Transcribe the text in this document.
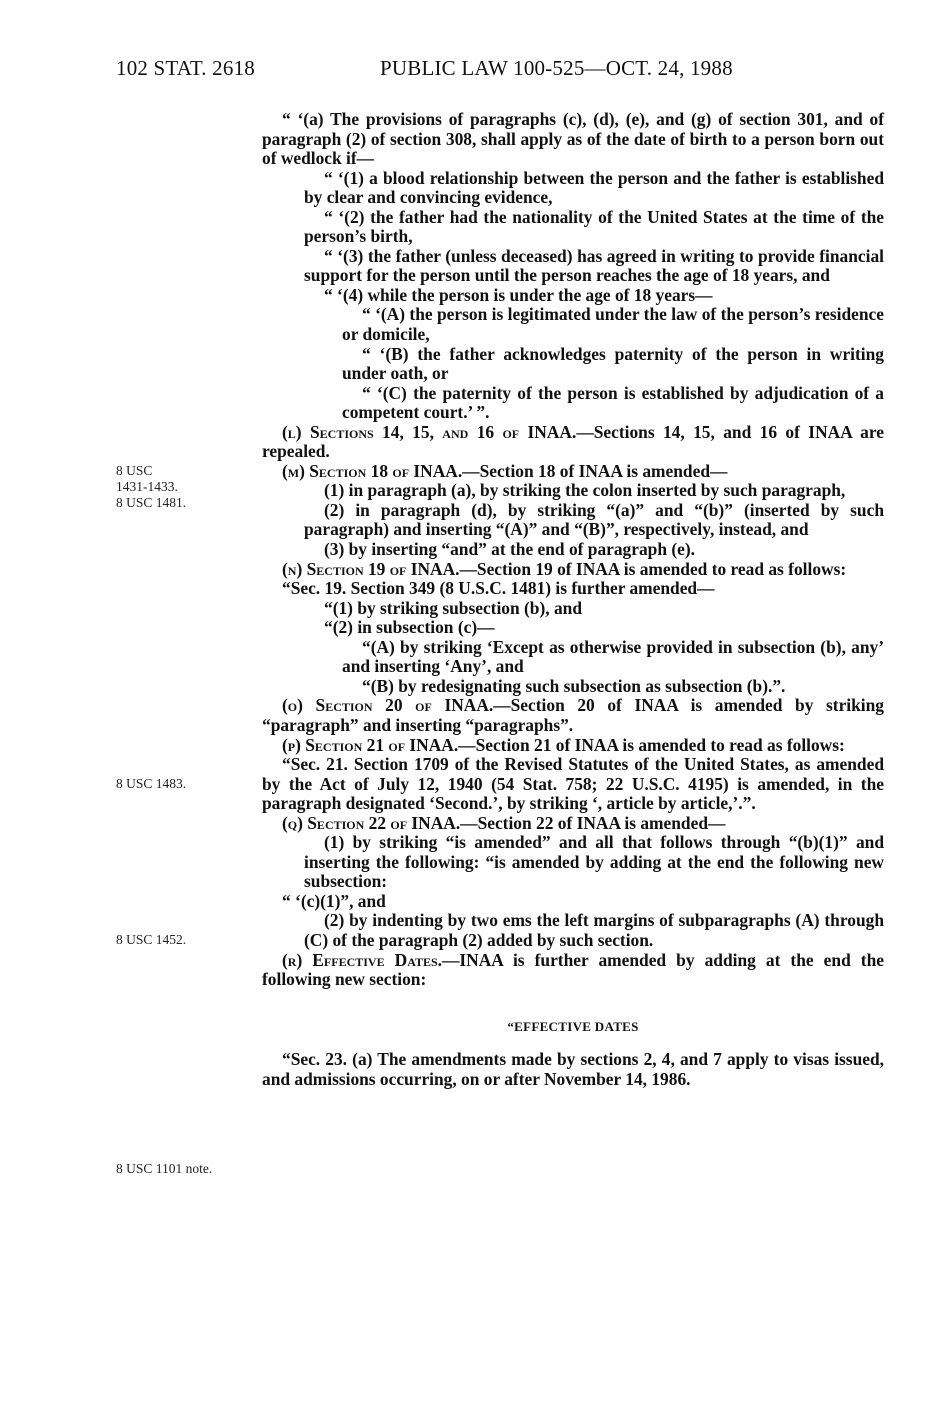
102 STAT. 2618	PUBLIC LAW 100-525—OCT. 24, 1988
8 USC
1431-1433.
8 USC 1481.
8 USC 1483.
8 USC 1452.
8 USC 1101 note.

“ ‘(a) The provisions of paragraphs (c), (d), (e), and (g) of section 301, and of paragraph (2) of section 308, shall apply as of the date of birth to a person born out of wedlock if—

“ ‘(1) a blood relationship between the person and the father is established by clear and convincing evidence,

“ ‘(2) the father had the nationality of the United States at the time of the person’s birth,

“ ‘(3) the father (unless deceased) has agreed in writing to provide financial support for the person until the person reaches the age of 18 years, and

“ ‘(4) while the person is under the age of 18 years—

“ ‘(A) the person is legitimated under the law of the person’s residence or domicile,

“ ‘(B) the father acknowledges paternity of the person in writing under oath, or

“ ‘(C) the paternity of the person is established by adjudication of a competent court.’ ”.

(l) Sections 14, 15, and 16 of INAA.—Sections 14, 15, and 16 of INAA are repealed.

(m) Section 18 of INAA.—Section 18 of INAA is amended—

(1) in paragraph (a), by striking the colon inserted by such paragraph,

(2) in paragraph (d), by striking “(a)” and “(b)” (inserted by such paragraph) and inserting “(A)” and “(B)”, respectively, instead, and

(3) by inserting “and” at the end of paragraph (e).

(n) Section 19 of INAA.—Section 19 of INAA is amended to read as follows:

“Sec. 19. Section 349 (8 U.S.C. 1481) is further amended—

“(1) by striking subsection (b), and

“(2) in subsection (c)—

“(A) by striking ‘Except as otherwise provided in subsection (b), any’ and inserting ‘Any’, and

“(B) by redesignating such subsection as subsection (b).”.

(o) Section 20 of INAA.—Section 20 of INAA is amended by striking “paragraph” and inserting “paragraphs”.

(p) Section 21 of INAA.—Section 21 of INAA is amended to read as follows:

“Sec. 21. Section 1709 of the Revised Statutes of the United States, as amended by the Act of July 12, 1940 (54 Stat. 758; 22 U.S.C. 4195) is amended, in the paragraph designated ‘Second.’, by striking ‘, article by article,’.”.

(q) Section 22 of INAA.—Section 22 of INAA is amended—

(1) by striking “is amended” and all that follows through “(b)(1)” and inserting the following: “is amended by adding at the end the following new subsection:

“ ‘(c)(1)”, and

(2) by indenting by two ems the left margins of subparagraphs (A) through (C) of the paragraph (2) added by such section.

(r) Effective Dates.—INAA is further amended by adding at the end the following new section:

“EFFECTIVE DATES

“Sec. 23. (a) The amendments made by sections 2, 4, and 7 apply to visas issued, and admissions occurring, on or after November 14, 1986.
